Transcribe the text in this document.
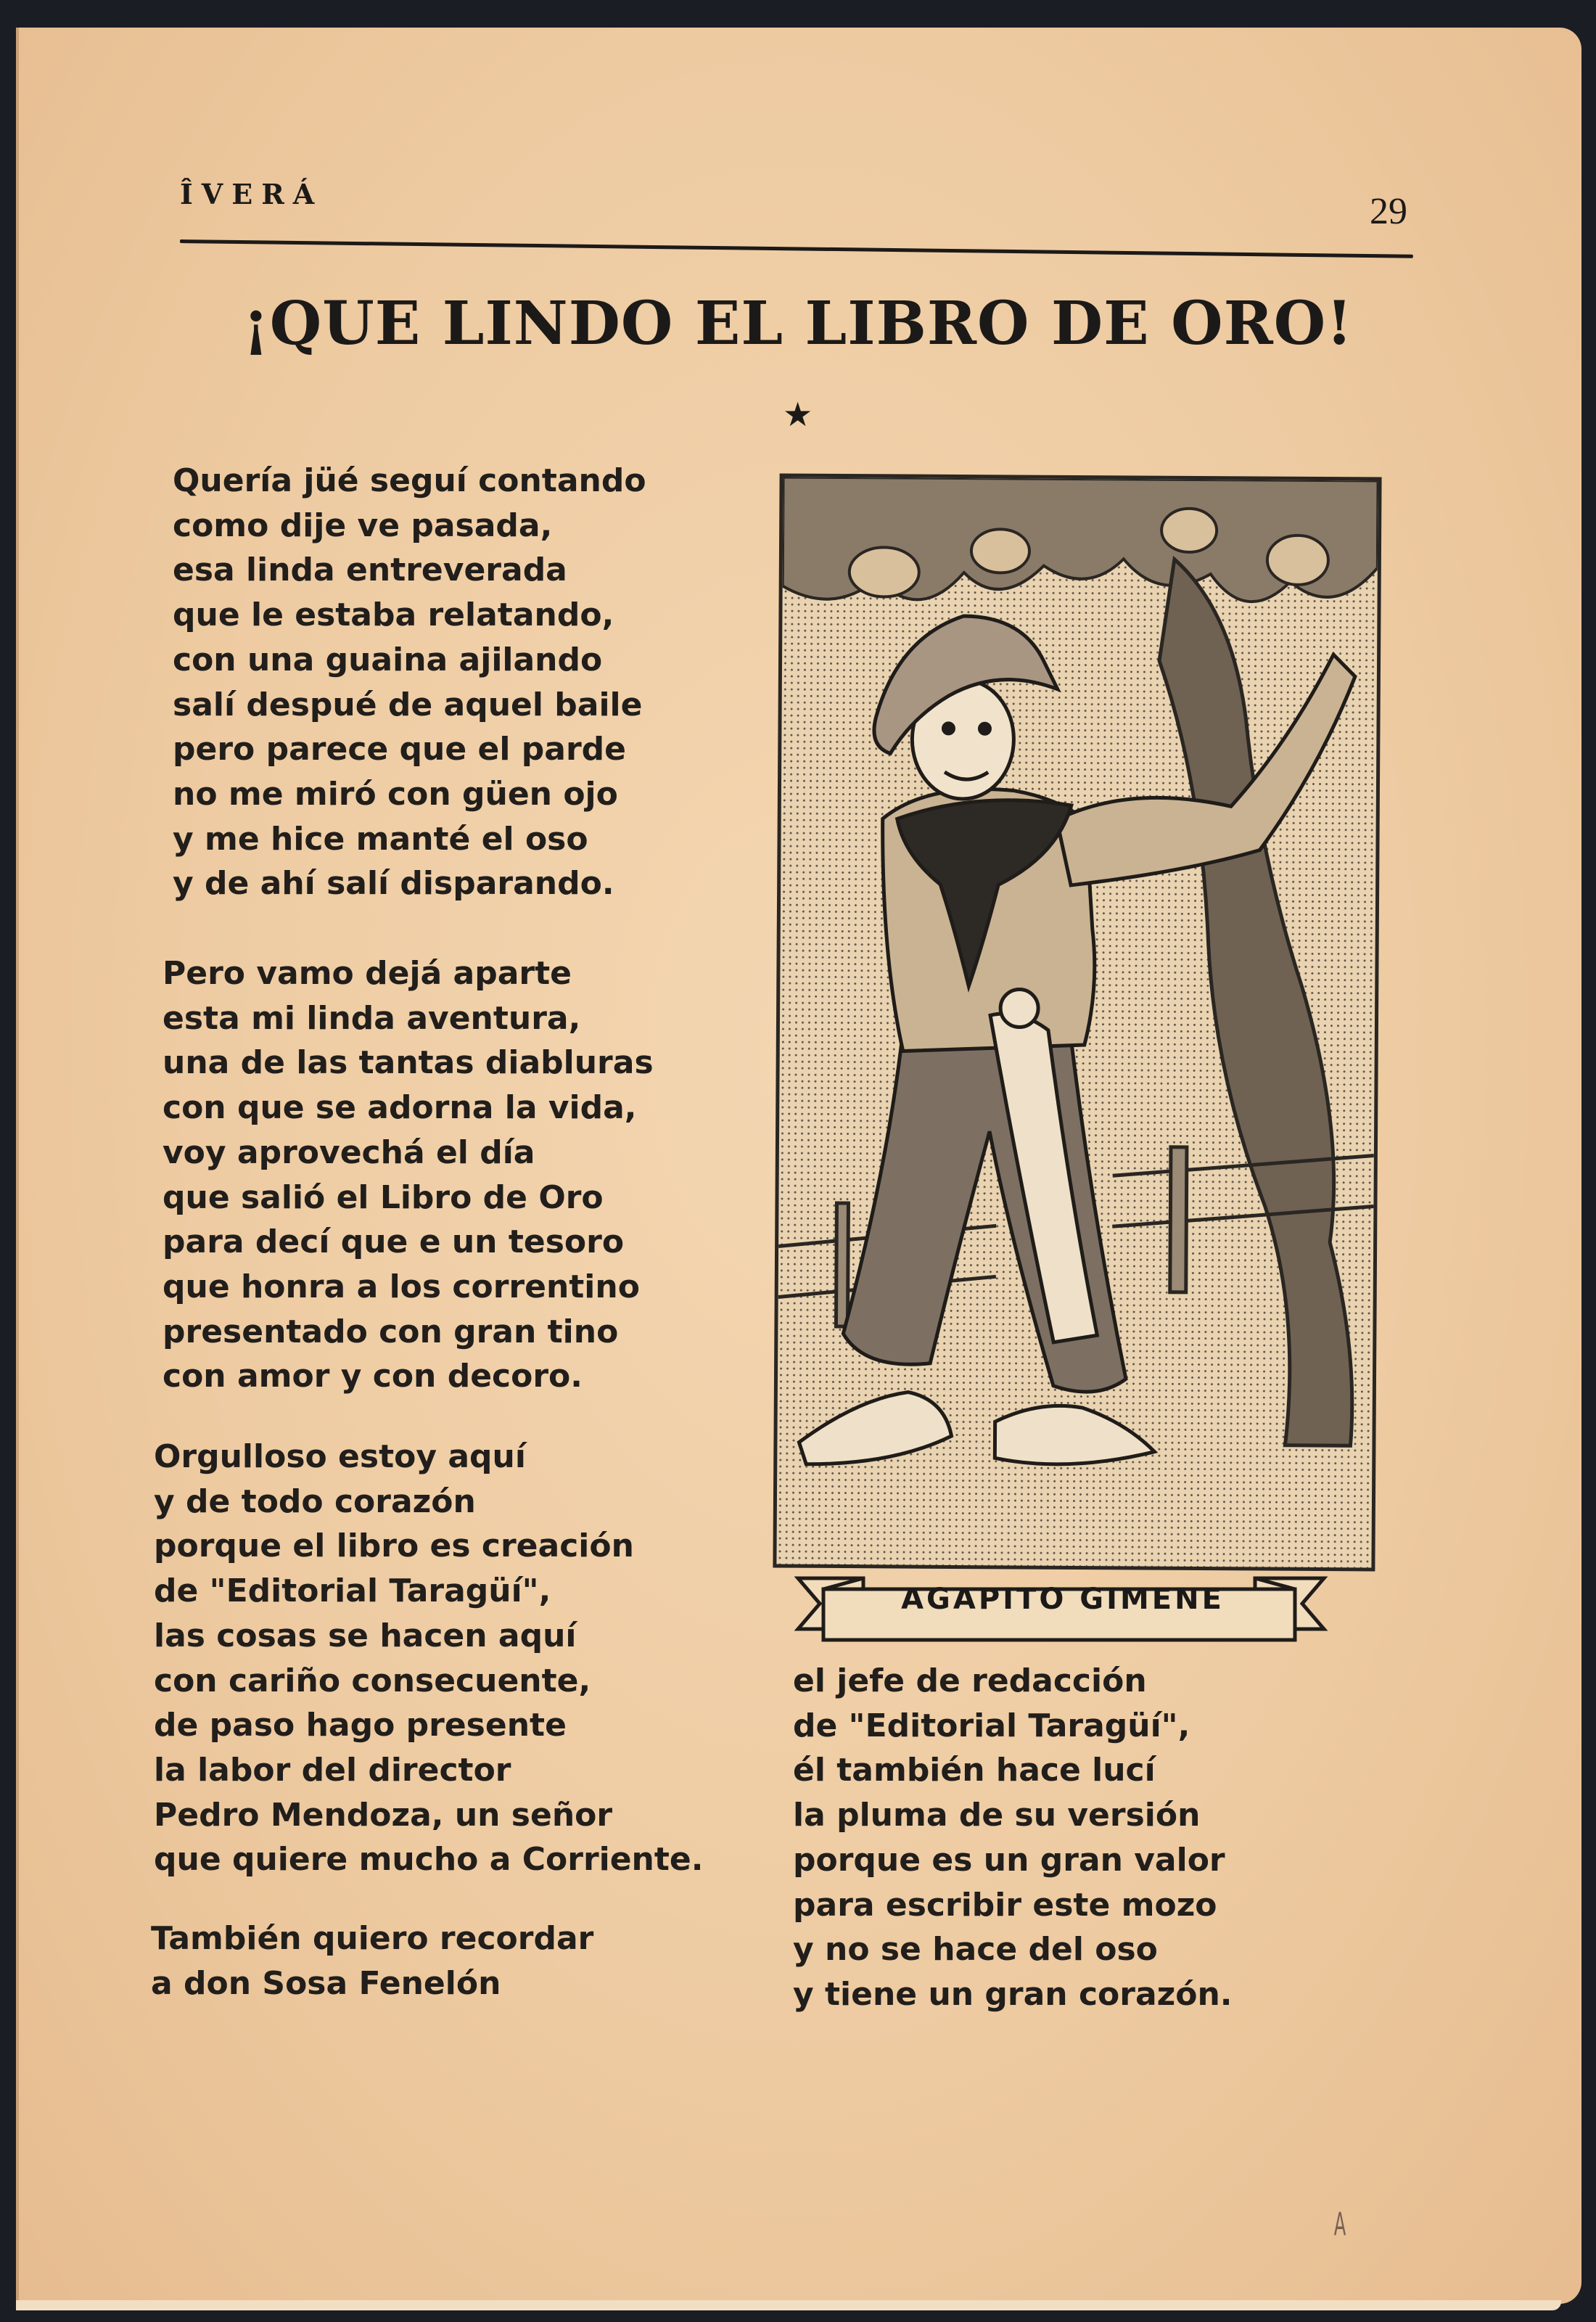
ÎVERÁ	29
¡QUE LINDO EL LIBRO DE ORO!
★
Quería jüé seguí contando
como dije ve pasada,
esa linda entreverada
que le estaba relatando,
con una guaina ajilando
salí despué de aquel baile
pero parece que el parde
no me miró con güen ojo
y me hice manté el oso
y de ahí salí disparando.
Pero vamo dejá aparte
esta mi linda aventura,
una de las tantas diabluras
con que se adorna la vida,
voy aprovechá el día
que salió el Libro de Oro
para decí que e un tesoro
que honra a los correntino
presentado con gran tino
con amor y con decoro.
Orgulloso estoy aquí
y de todo corazón
porque el libro es creación
de "Editorial Taragüí",
las cosas se hacen aquí
con cariño consecuente,
de paso hago presente
la labor del director
Pedro Mendoza, un señor
que quiere mucho a Corriente.
También quiero recordar
a don Sosa Fenelón
el jefe de redacción
de "Editorial Taragüí",
él también hace lucí
la pluma de su versión
porque es un gran valor
para escribir este mozo
y no se hace del oso
y tiene un gran corazón.
AGAPITO GIMENE
A
